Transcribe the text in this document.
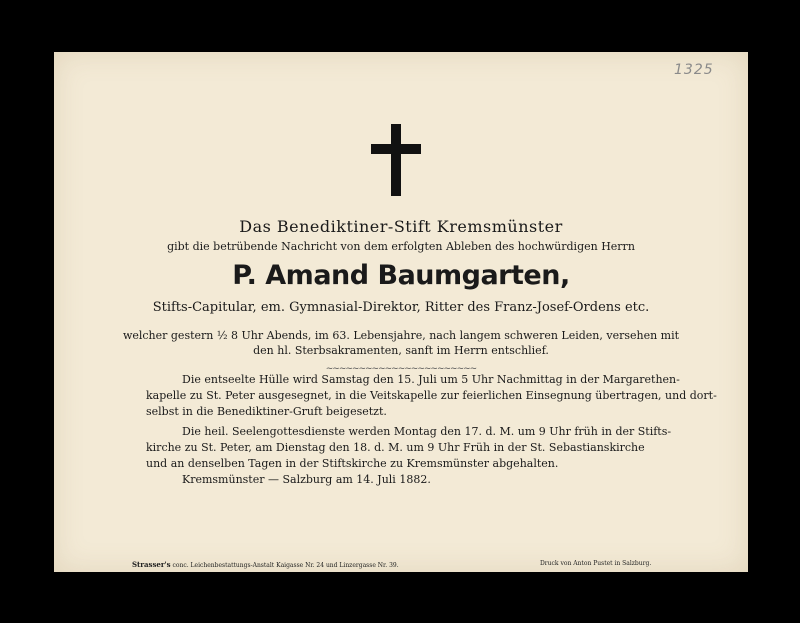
1325
Das Benediktiner-Stift Kremsmünster
gibt die betrübende Nachricht von dem erfolgten Ableben des hochwürdigen Herrn
P. Amand Baumgarten,
Stifts-Capitular, em. Gymnasial-Direktor, Ritter des Franz-Josef-Ordens etc.
welcher gestern ½ 8 Uhr Abends, im 63. Lebensjahre, nach langem schweren Leiden, versehen mit
den hl. Sterbsakramenten, sanft im Herrn entschlief.
~~~~~~~~~~~~~~~~~~~~~~~
Die entseelte Hülle wird Samstag den 15. Juli um 5 Uhr Nachmittag in der Margarethen-
kapelle zu St. Peter ausgesegnet, in die Veitskapelle zur feierlichen Einsegnung übertragen, und dort-
selbst in die Benediktiner-Gruft beigesetzt.
Die heil. Seelengottesdienste werden Montag den 17. d. M. um 9 Uhr früh in der Stifts-
kirche zu St. Peter, am Dienstag den 18. d. M. um 9 Uhr Früh in der St. Sebastianskirche
und an denselben Tagen in der Stiftskirche zu Kremsmünster abgehalten.
Kremsmünster — Salzburg am 14. Juli 1882.
Strasser's conc. Leichenbestattungs-Anstalt Kaigasse Nr. 24 und Linzergasse Nr. 39.	Druck von Anton Pustet in Salzburg.
